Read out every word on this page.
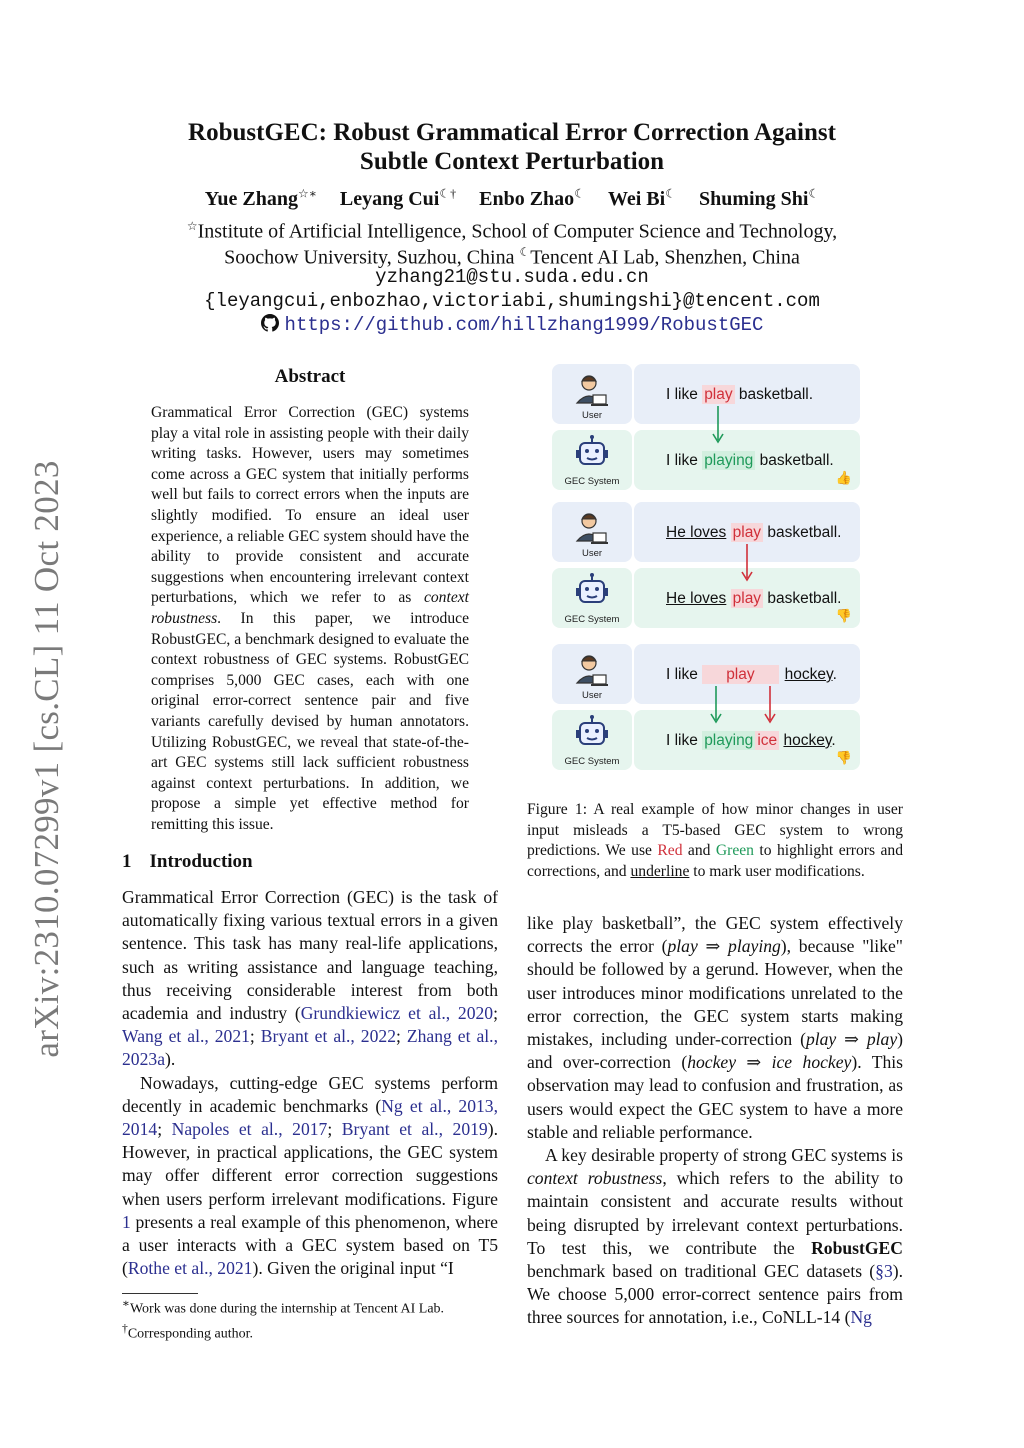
arXiv:2310.07299v1 [cs.CL] 11 Oct 2023
RobustGEC: Robust Grammatical Error Correction Against
Subtle Context Perturbation
Yue Zhang☆∗ Leyang Cui☾† Enbo Zhao☾ Wei Bi☾ Shuming Shi☾
☆Institute of Artificial Intelligence, School of Computer Science and Technology,
Soochow University, Suzhou, China ☾Tencent AI Lab, Shenzhen, China
yzhang21@stu.suda.edu.cn
{leyangcui,enbozhao,victoriabi,shumingshi}@tencent.com
https://github.com/hillzhang1999/RobustGEC
Abstract
Grammatical Error Correction (GEC) systems play a vital role in assisting people with their daily writing tasks. However, users may sometimes come across a GEC system that initially performs well but fails to correct errors when the inputs are slightly modified. To ensure an ideal user experience, a reliable GEC system should have the ability to provide consistent and accurate suggestions when encountering irrelevant context perturbations, which we refer to as context robustness. In this paper, we introduce RobustGEC, a benchmark designed to evaluate the context robustness of GEC systems. RobustGEC comprises 5,000 GEC cases, each with one original error-correct sentence pair and five variants carefully devised by human annotators. Utilizing RobustGEC, we reveal that state-of-the-art GEC systems still lack sufficient robustness against context perturbations. In addition, we propose a simple yet effective method for remitting this issue.
1 Introduction

Grammatical Error Correction (GEC) is the task of automatically fixing various textual errors in a given sentence. This task has many real-life applications, such as writing assistance and language teaching, thus receiving considerable interest from both academia and industry (Grundkiewicz et al., 2020; Wang et al., 2021; Bryant et al., 2022; Zhang et al., 2023a).

Nowadays, cutting-edge GEC systems perform decently in academic benchmarks (Ng et al., 2013, 2014; Napoles et al., 2017; Bryant et al., 2019). However, in practical applications, the GEC system may offer different error correction suggestions when users perform irrelevant modifications. Figure 1 presents a real example of this phenomenon, where a user interacts with a GEC system based on T5 (Rothe et al., 2021). Given the original input “I

∗Work was done during the internship at Tencent AI Lab.
†Corresponding author.
User
I like play basketball.
GEC System
I like playing basketball.
👍
User
He loves play basketball.
GEC System
He loves play basketball.
👎
User
I like play hockey.
GEC System
I like playing ice hockey.
👎
Figure 1: A real example of how minor changes in user input misleads a T5-based GEC system to wrong predictions. We use Red and Green to highlight errors and corrections, and underline to mark user modifications.

like play basketball”, the GEC system effectively corrects the error (play ⇒ playing), because "like" should be followed by a gerund. However, when the user introduces minor modifications unrelated to the error correction, the GEC system starts making mistakes, including under-correction (play ⇒ play) and over-correction (hockey ⇒ ice hockey). This observation may lead to confusion and frustration, as users would expect the GEC system to have a more stable and reliable performance.

A key desirable property of strong GEC systems is context robustness, which refers to the ability to maintain consistent and accurate results without being disrupted by irrelevant context perturbations. To test this, we contribute the RobustGEC benchmark based on traditional GEC datasets (§3). We choose 5,000 error-correct sentence pairs from three sources for annotation, i.e., CoNLL-14 (Ng
